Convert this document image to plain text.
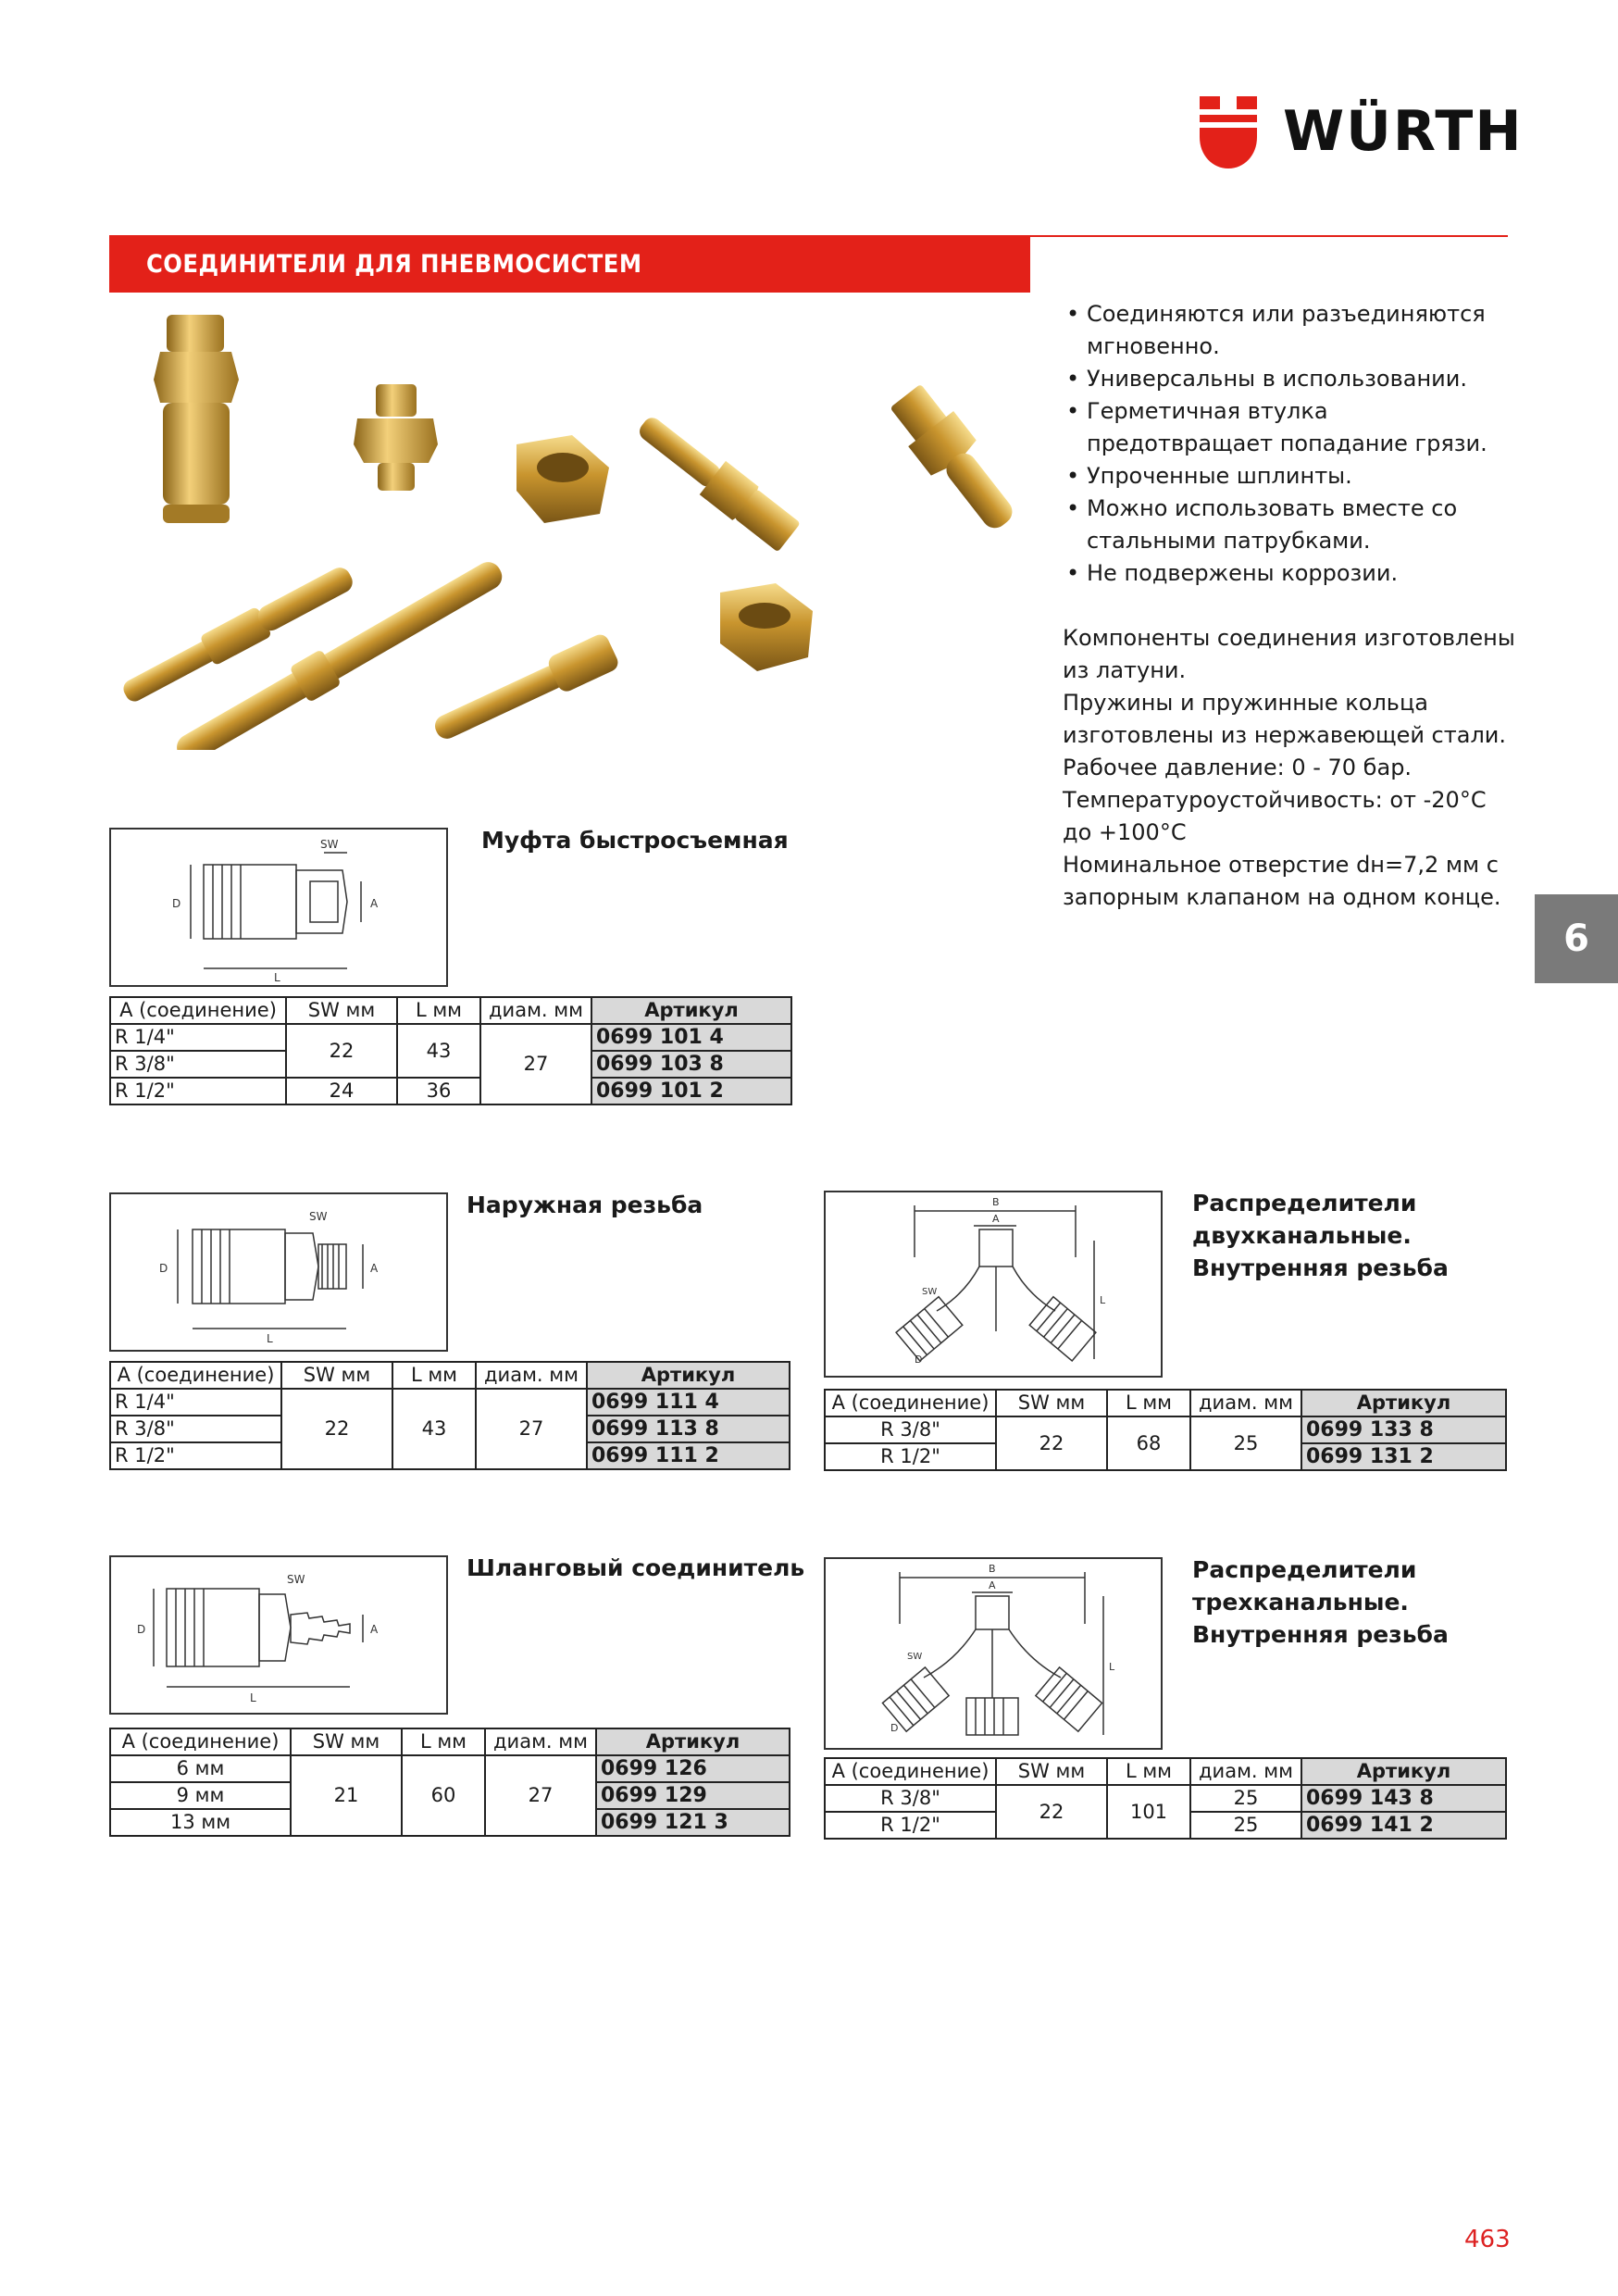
WÜRTH
СОЕДИНИТЕЛИ ДЛЯ ПНЕВМОСИСТЕМ
• Соединяются или разъединяются мгновенно.
• Универсальны в использовании.
• Герметичная втулка предотвращает попадание грязи.
• Упроченные шплинты.
• Можно использовать вместе со стальными патрубками.
• Не подвержены коррозии.
Компоненты соединения изготовлены
из латуни.
Пружины и пружинные кольца
изготовлены из нержавеющей стали.
Рабочее давление: 0 - 70 бар.
Температуроустойчивость: от -20°C
до +100°C
Номинальное отверстие dн=7,2 мм с
запорным клапаном на одном конце.
6
D
L
A
SW	Муфта быстросъемная
A (соединение)	SW мм	L мм	диам. мм	Артикул
R 1/4"	22	43	27	0699 101 4
R 3/8"				0699 103 8
R 1/2"	24	36		0699 101 2
D
L
A
SW	Наружная резьба
A (соединение)	SW мм	L мм	диам. мм	Артикул
R 1/4"	22	43	27	0699 111 4
R 3/8"				0699 113 8
R 1/2"				0699 111 2
D
L
A
SW	Шланговый соединитель
A (соединение)	SW мм	L мм	диам. мм	Артикул
6 мм	21	60	27	0699 126
9 мм				0699 129
13 мм				0699 121 3
B
A
L
SW
D
Распределители
двухканальные.
Внутренняя резьба
A (соединение)	SW мм	L мм	диам. мм	Артикул
R 3/8"	22	68	25	0699 133 8
R 1/2"				0699 131 2
B
A
L
SW
D
Распределители
трехканальные.
Внутренняя резьба
A (соединение)	SW мм	L мм	диам. мм	Артикул
R 3/8"	22	101	25	0699 143 8
R 1/2"			25	0699 141 2
463
